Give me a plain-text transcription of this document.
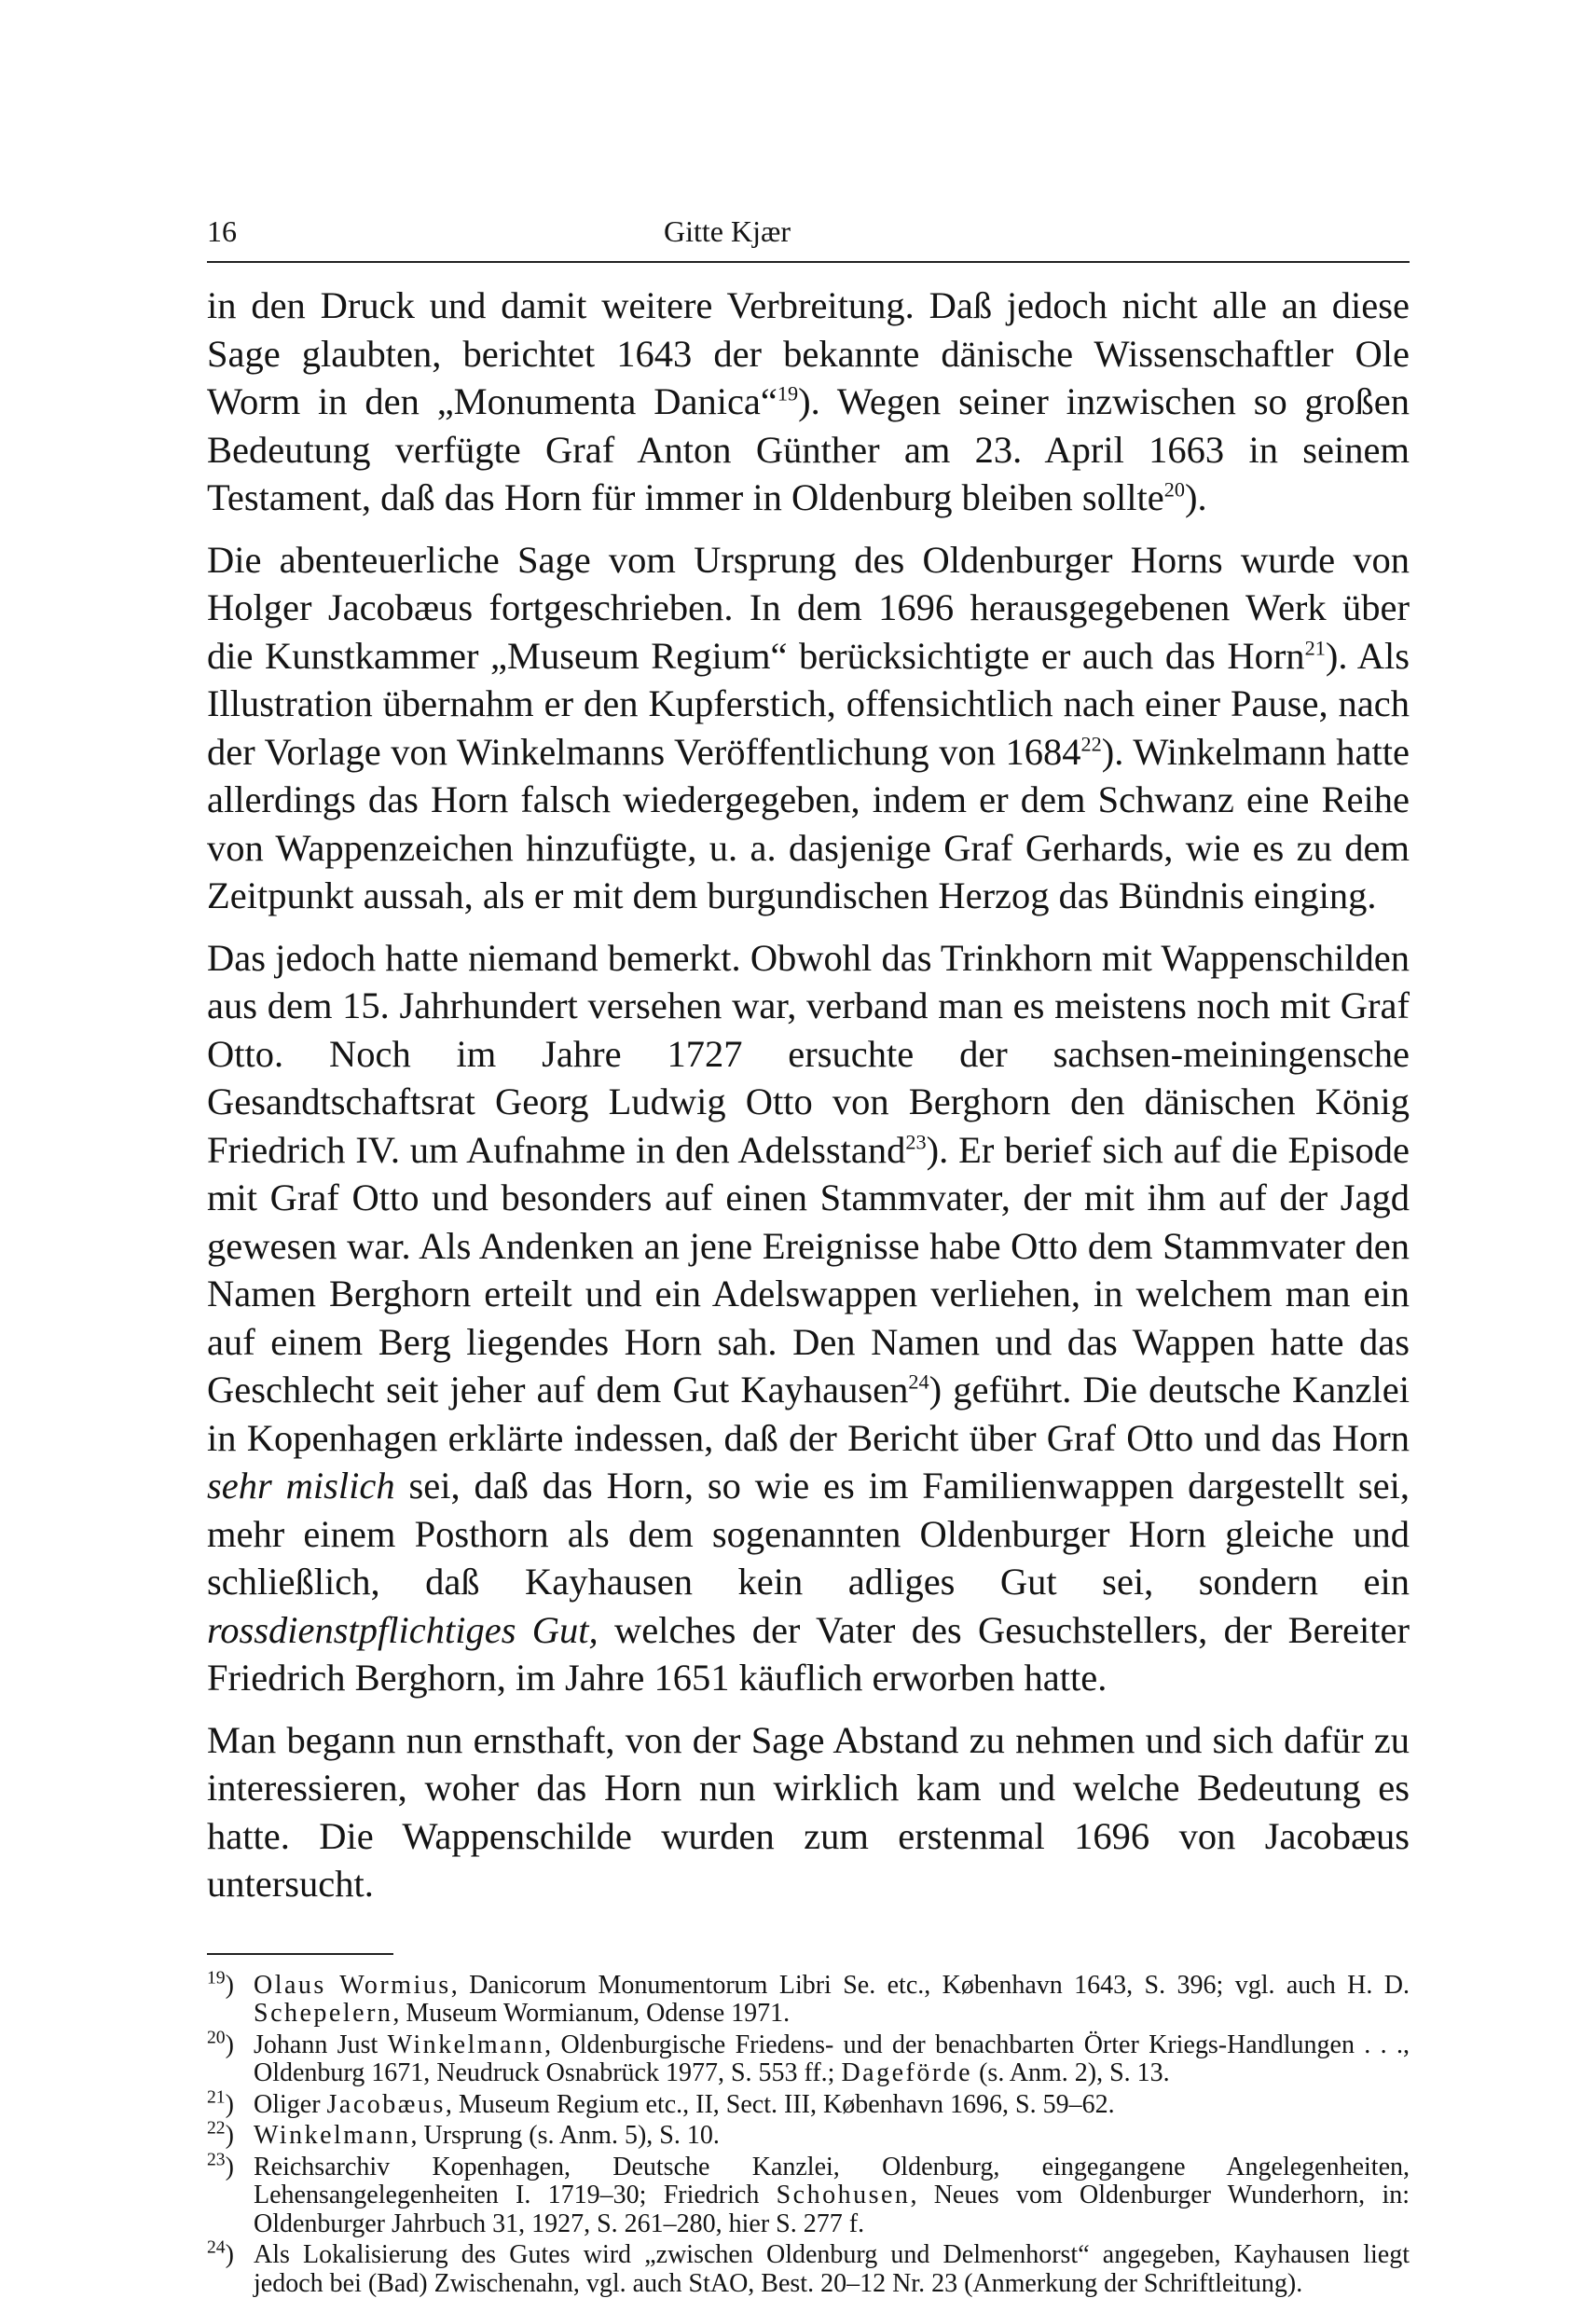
16	Gitte Kjær

in den Druck und damit weitere Verbreitung. Daß jedoch nicht alle an diese Sage glaubten, berichtet 1643 der bekannte dänische Wissenschaftler Ole Worm in den „Monumenta Danica“$^{19}$). Wegen seiner inzwischen so großen Bedeutung verfügte Graf Anton Günther am 23. April 1663 in seinem Testament, daß das Horn für immer in Oldenburg bleiben sollte$^{20}$).

Die abenteuerliche Sage vom Ursprung des Oldenburger Horns wurde von Holger Jacobæus fortgeschrieben. In dem 1696 herausgegebenen Werk über die Kunstkammer „Museum Regium“ berücksichtigte er auch das Horn$^{21}$). Als Illustration übernahm er den Kupferstich, offensichtlich nach einer Pause, nach der Vorlage von Winkelmanns Veröffentlichung von 1684$^{22}$). Winkelmann hatte allerdings das Horn falsch wiedergegeben, indem er dem Schwanz eine Reihe von Wappenzeichen hinzufügte, u. a. dasjenige Graf Gerhards, wie es zu dem Zeitpunkt aussah, als er mit dem burgundischen Herzog das Bündnis einging.

Das jedoch hatte niemand bemerkt. Obwohl das Trinkhorn mit Wappenschilden aus dem 15. Jahrhundert versehen war, verband man es meistens noch mit Graf Otto. Noch im Jahre 1727 ersuchte der sachsen-meiningensche Gesandtschaftsrat Georg Ludwig Otto von Berghorn den dänischen König Friedrich IV. um Aufnahme in den Adelsstand$^{23}$). Er berief sich auf die Episode mit Graf Otto und besonders auf einen Stammvater, der mit ihm auf der Jagd gewesen war. Als Andenken an jene Ereignisse habe Otto dem Stammvater den Namen Berghorn erteilt und ein Adelswappen verliehen, in welchem man ein auf einem Berg liegendes Horn sah. Den Namen und das Wappen hatte das Geschlecht seit jeher auf dem Gut Kayhausen$^{24}$) geführt. Die deutsche Kanzlei in Kopenhagen erklärte indessen, daß der Bericht über Graf Otto und das Horn sehr mislich sei, daß das Horn, so wie es im Familienwappen dargestellt sei, mehr einem Posthorn als dem sogenannten Oldenburger Horn gleiche und schließlich, daß Kayhausen kein adliges Gut sei, sondern ein rossdienstpflichtiges Gut, welches der Vater des Gesuchstellers, der Bereiter Friedrich Berghorn, im Jahre 1651 käuflich erworben hatte.

Man begann nun ernsthaft, von der Sage Abstand zu nehmen und sich dafür zu interessieren, woher das Horn nun wirklich kam und welche Bedeutung es hatte. Die Wappenschilde wurden zum erstenmal 1696 von Jacobæus untersucht.

$^{19}$) Olaus Wormius, Danicorum Monumentorum Libri Se. etc., København 1643, S. 396; vgl. auch H. D. Schepelern, Museum Wormianum, Odense 1971.
$^{20}$) Johann Just Winkelmann, Oldenburgische Friedens- und der benachbarten Örter Kriegs-Handlungen . . ., Oldenburg 1671, Neudruck Osnabrück 1977, S. 553 ff.; Dageförde (s. Anm. 2), S. 13.
$^{21}$) Oliger Jacobæus, Museum Regium etc., II, Sect. III, København 1696, S. 59–62.
$^{22}$) Winkelmann, Ursprung (s. Anm. 5), S. 10.
$^{23}$) Reichsarchiv Kopenhagen, Deutsche Kanzlei, Oldenburg, eingegangene Angelegenheiten, Lehensangelegenheiten I. 1719–30; Friedrich Schohusen, Neues vom Oldenburger Wunderhorn, in: Oldenburger Jahrbuch 31, 1927, S. 261–280, hier S. 277 f.
$^{24}$) Als Lokalisierung des Gutes wird „zwischen Oldenburg und Delmenhorst“ angegeben, Kayhausen liegt jedoch bei (Bad) Zwischenahn, vgl. auch StAO, Best. 20–12 Nr. 23 (Anmerkung der Schriftleitung).
